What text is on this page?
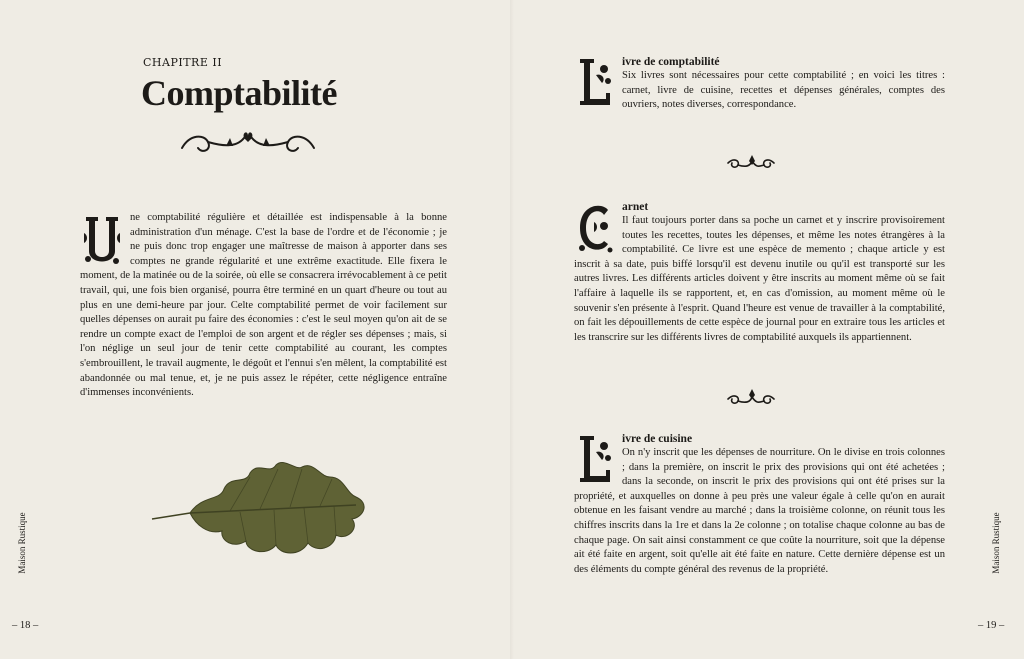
CHAPITRE II
Comptabilité
U
ne comptabilité régulière et détaillée est indispensable à la bonne administration d'un ménage. C'est la base de l'ordre et de l'économie ; je ne puis donc trop engager une maîtresse de maison à apporter dans ses comptes ne grande régularité et une extrême exactitude. Elle fixera le moment, de la matinée ou de la soirée, où elle se consacrera irrévocablement à ce petit travail, qui, une fois bien organisé, pourra être terminé en un quart d'heure ou tout au plus en une demi-heure par jour. Celte comptabilité permet de voir facilement sur quelles dépenses on aurait pu faire des économies : c'est le seul moyen qu'on ait de se rendre un compte exact de l'emploi de son argent et de régler ses dépenses ; mais, si l'on néglige un seul jour de tenir cette comptabilité au courant, les comptes s'embrouillent, le travail augmente, le dégoût et l'ennui s'en mêlent, la comptabilité est abandonnée ou mal tenue, et, je ne puis assez le répéter, cette négligence entraîne d'immenses inconvénients.
Maison Rustique
– 18 –
ivre de comptabilité
Six livres sont nécessaires pour cette comptabilité ; en voici les titres : carnet, livre de cuisine, recettes et dépenses générales, comptes des ouvriers, notes diverses, correspondance.
arnet
Il faut toujours porter dans sa poche un carnet et y inscrire provisoirement toutes les recettes, toutes les dépenses, et même les notes étrangères à la comptabilité. Ce livre est une espèce de memento ; chaque article y est inscrit à sa date, puis biffé lorsqu'il est devenu inutile ou qu'il est transporté sur les autres livres. Les différents articles doivent y être inscrits au moment même où se fait l'affaire à laquelle ils se rapportent, et, en cas d'omission, au moment même où le souvenir s'en présente à l'esprit. Quand l'heure est venue de travailler à la comptabilité, on fait les dépouillements de cette espèce de journal pour en extraire tous les articles et les transcrire sur les différents livres de comptabilité auxquels ils appartiennent.
ivre de cuisine
On n'y inscrit que les dépenses de nourriture. On le divise en trois colonnes ; dans la première, on inscrit le prix des provisions qui ont été achetées ; dans la seconde, on inscrit le prix des provisions qui ont été prises sur la propriété, et auxquelles on donne à peu près une valeur égale à celle qu'on en aurait obtenue en les faisant vendre au marché ; dans la troisième colonne, on réunit tous les chiffres inscrits dans la 1re et dans la 2e colonne ; on totalise chaque colonne au bas de chaque page. On sait ainsi constamment ce que coûte la nourriture, soit que la dépense ait été faite en argent, soit qu'elle ait été faite en nature. Cette dernière dépense est un des éléments du compte général des revenus de la propriété.	Maison Rustique
– 19 –
